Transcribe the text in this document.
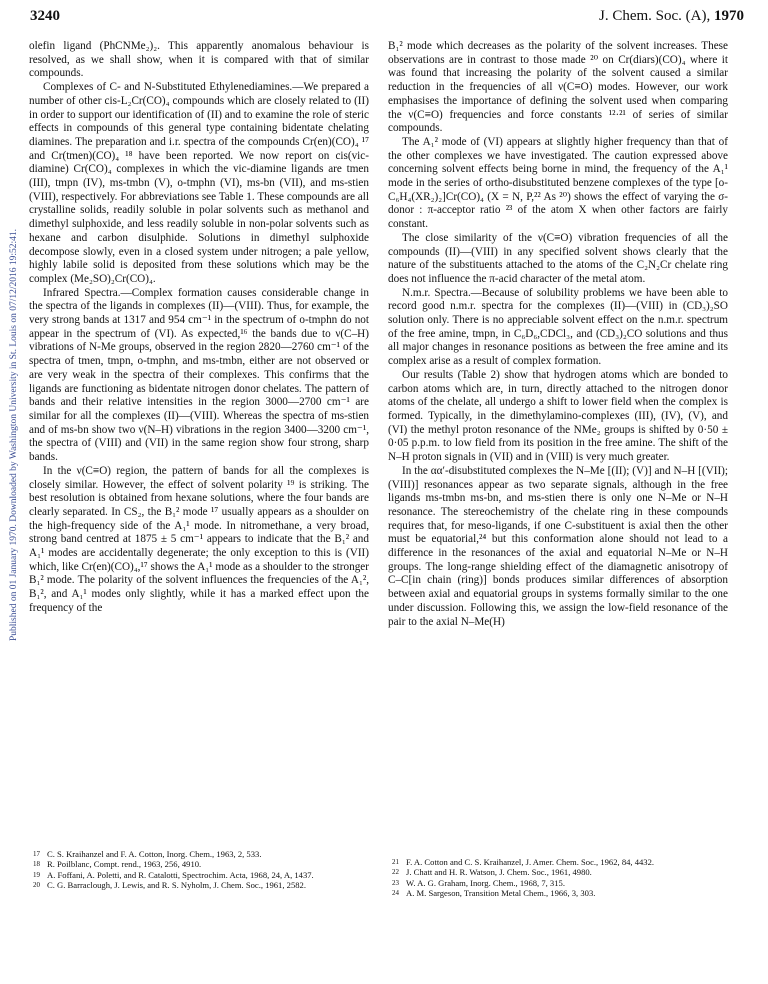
3240	J. Chem. Soc. (A), 1970
Published on 01 January 1970. Downloaded by Washington University in St. Louis on 07/12/2016 19:52:41.

olefin ligand (PhCNMe₂)₂. This apparently anomalous behaviour is resolved, as we shall show, when it is compared with that of similar compounds.

Complexes of C- and N-Substituted Ethylenediamines.—We prepared a number of other cis-L₂Cr(CO)₄ compounds which are closely related to (II) in order to support our identification of (II) and to examine the role of steric effects in compounds of this general type containing bidentate chelating diamines. The preparation and i.r. spectra of the compounds Cr(en)(CO)₄ ¹⁷ and Cr(tmen)(CO)₄ ¹⁸ have been reported. We now report on cis(vic-diamine) Cr(CO)₄ complexes in which the vic-diamine ligands are tmen (III), tmpn (IV), ms-tmbn (V), o-tmphn (VI), ms-bn (VII), and ms-stien (VIII), respectively. For abbreviations see Table 1. These compounds are all crystalline solids, readily soluble in polar solvents such as methanol and dimethyl sulphoxide, and less readily soluble in non-polar solvents such as hexane and carbon disulphide. Solutions in dimethyl sulphoxide decompose slowly, even in a closed system under nitrogen; a pale yellow, highly labile solid is deposited from these solutions which may be the complex (Me₂SO)₂Cr(CO)₄.

Infrared Spectra.—Complex formation causes considerable change in the spectra of the ligands in complexes (II)—(VIII). Thus, for example, the very strong bands at 1317 and 954 cm⁻¹ in the spectrum of o-tmphn do not appear in the spectrum of (VI). As expected,¹⁶ the bands due to ν(C–H) vibrations of N-Me groups, observed in the region 2820—2760 cm⁻¹ of the spectra of tmen, tmpn, o-tmphn, and ms-tmbn, either are not observed or are very weak in the spectra of their complexes. This confirms that the ligands are functioning as bidentate nitrogen donor chelates. The pattern of bands and their relative intensities in the region 3000—2700 cm⁻¹ are similar for all the complexes (II)—(VIII). Whereas the spectra of ms-stien and of ms-bn show two ν(N–H) vibrations in the region 3400—3200 cm⁻¹, the spectra of (VIII) and (VII) in the same region show four strong, sharp bands.

In the ν(C≡O) region, the pattern of bands for all the complexes is closely similar. However, the effect of solvent polarity ¹⁹ is striking. The best resolution is obtained from hexane solutions, where the four bands are clearly separated. In CS₂, the B₁² mode ¹⁷ usually appears as a shoulder on the high-frequency side of the A₁¹ mode. In nitromethane, a very broad, strong band centred at 1875 ± 5 cm⁻¹ appears to indicate that the B₁² and A₁¹ modes are accidentally degenerate; the only exception to this is (VII) which, like Cr(en)(CO)₄,¹⁷ shows the A₁¹ mode as a shoulder to the stronger B₁² mode. The polarity of the solvent influences the frequencies of the A₁², B₁², and A₁¹ modes only slightly, while it has a marked effect upon the frequency of the

B₁² mode which decreases as the polarity of the solvent increases. These observations are in contrast to those made ²⁰ on Cr(diars)(CO)₄ where it was found that increasing the polarity of the solvent caused a similar reduction in the frequencies of all ν(C≡O) modes. However, our work emphasises the importance of defining the solvent used when comparing the ν(C≡O) frequencies and force constants ¹²·²¹ of series of similar compounds.

The A₁² mode of (VI) appears at slightly higher frequency than that of the other complexes we have investigated. The caution expressed above concerning solvent effects being borne in mind, the frequency of the A₁¹ mode in the series of ortho-disubstituted benzene complexes of the type [o-C₆H₄(XR₂)₂]Cr(CO)₄ (X = N, P,²² As ²⁰) shows the effect of varying the σ-donor : π-acceptor ratio ²³ of the atom X when other factors are fairly constant.

The close similarity of the ν(C≡O) vibration frequencies of all the compounds (II)—(VIII) in any specified solvent shows clearly that the nature of the substituents attached to the atoms of the C₂N₂Cr chelate ring does not influence the π-acid character of the metal atom.

N.m.r. Spectra.—Because of solubility problems we have been able to record good n.m.r. spectra for the complexes (II)—(VIII) in (CD₃)₂SO solution only. There is no appreciable solvent effect on the n.m.r. spectrum of the free amine, tmpn, in C₆D₆,CDCl₃, and (CD₃)₂CO solutions and thus all major changes in resonance positions as between the free amine and its complex arise as a result of complex formation.

Our results (Table 2) show that hydrogen atoms which are bonded to carbon atoms which are, in turn, directly attached to the nitrogen donor atoms of the chelate, all undergo a shift to lower field when the complex is formed. Typically, in the dimethylamino-complexes (III), (IV), (V), and (VI) the methyl proton resonance of the NMe₂ groups is shifted by 0·50 ± 0·05 p.p.m. to low field from its position in the free amine. The shift of the N–H proton signals in (VII) and in (VIII) is very much greater.

In the αα′-disubstituted complexes the N–Me [(II); (V)] and N–H [(VII); (VIII)] resonances appear as two separate signals, although in the free ligands ms-tmbn ms-bn, and ms-stien there is only one N–Me or N–H resonance. The stereochemistry of the chelate ring in these compounds requires that, for meso-ligands, if one C-substituent is axial then the other must be equatorial,²⁴ but this conformation alone should not lead to a difference in the resonances of the axial and equatorial N–Me or N–H groups. The long-range shielding effect of the diamagnetic anisotropy of C–C[in chain (ring)] bonds produces similar differences of absorption between axial and equatorial groups in systems formally similar to the one under discussion. Following this, we assign the low-field resonance of the pair to the axial N–Me(H)

17 C. S. Kraihanzel and F. A. Cotton, Inorg. Chem., 1963, 2, 533.

18 R. Poilblanc, Compt. rend., 1963, 256, 4910.

19 A. Foffani, A. Poletti, and R. Catalotti, Spectrochim. Acta, 1968, 24, A, 1437.

20 C. G. Barraclough, J. Lewis, and R. S. Nyholm, J. Chem. Soc., 1961, 2582.

21 F. A. Cotton and C. S. Kraihanzel, J. Amer. Chem. Soc., 1962, 84, 4432.

22 J. Chatt and H. R. Watson, J. Chem. Soc., 1961, 4980.

23 W. A. G. Graham, Inorg. Chem., 1968, 7, 315.

24 A. M. Sargeson, Transition Metal Chem., 1966, 3, 303.
